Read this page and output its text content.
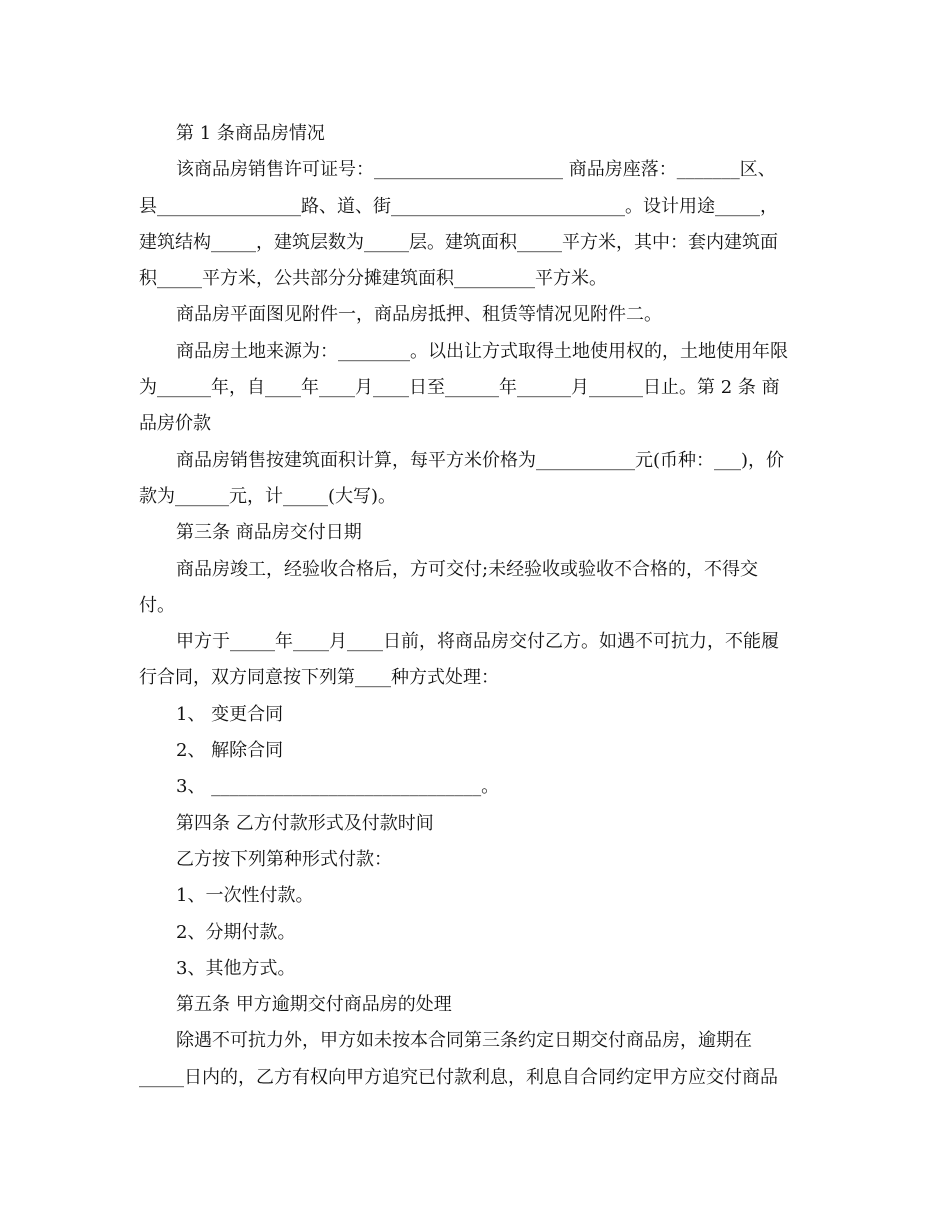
第 1 条商品房情况

该商品房销售许可证号：_____________________ 商品房座落：_______区、

县________________路、道、街__________________________。设计用途_____，

建筑结构_____，建筑层数为_____层。建筑面积_____平方米，其中：套内建筑面

积_____平方米，公共部分分摊建筑面积_________平方米。

商品房平面图见附件一，商品房抵押、租赁等情况见附件二。

商品房土地来源为：________。以出让方式取得土地使用权的，土地使用年限

为______年，自____年____月____日至______年______月______日止。第 2 条 商

品房价款

商品房销售按建筑面积计算，每平方米价格为___________元(币种：___)，价

款为______元，计_____(大写)。

第三条 商品房交付日期

商品房竣工，经验收合格后，方可交付;未经验收或验收不合格的，不得交

付。

甲方于_____年____月____日前，将商品房交付乙方。如遇不可抗力，不能履

行合同，双方同意按下列第____种方式处理：

1、 变更合同

2、 解除合同

3、 ______________________________。

第四条 乙方付款形式及付款时间

乙方按下列第种形式付款：

1、一次性付款。

2、分期付款。

3、其他方式。

第五条 甲方逾期交付商品房的处理

除遇不可抗力外，甲方如未按本合同第三条约定日期交付商品房，逾期在

_____日内的，乙方有权向甲方追究已付款利息，利息自合同约定甲方应交付商品
